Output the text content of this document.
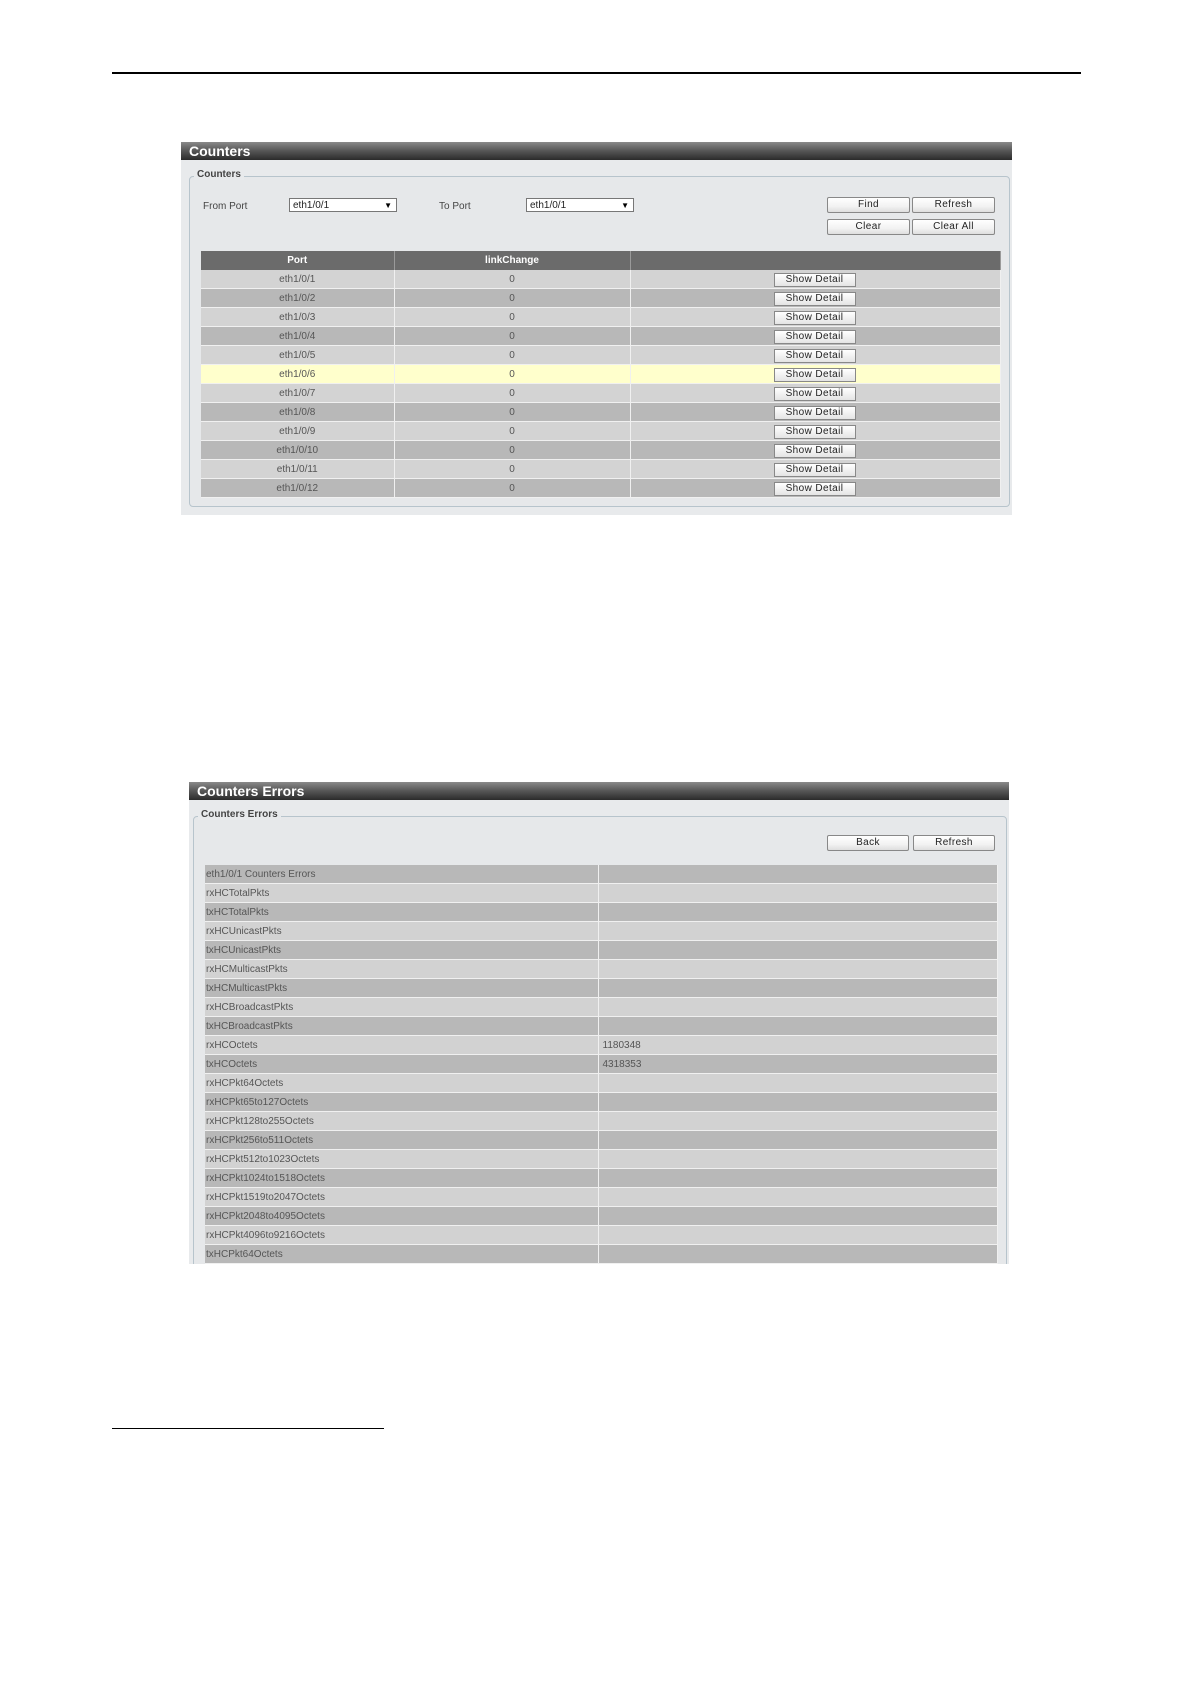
Counters
Counters
From Port	eth1/0/1	▼	To Port	eth1/0/1	▼	Find	Refresh
Clear	Clear All
Port	linkChange	
eth1/0/1	0	Show Detail

eth1/0/2	0	Show Detail

eth1/0/3	0	Show Detail

eth1/0/4	0	Show Detail

eth1/0/5	0	Show Detail

eth1/0/6	0	Show Detail

eth1/0/7	0	Show Detail

eth1/0/8	0	Show Detail

eth1/0/9	0	Show Detail

eth1/0/10	0	Show Detail

eth1/0/11	0	Show Detail

eth1/0/12	0	Show Detail
Counters Errors
Counters Errors
Back	Refresh
eth1/0/1 Counters Errors	
rxHCTotalPkts	
txHCTotalPkts	
rxHCUnicastPkts	
txHCUnicastPkts	
rxHCMulticastPkts	
txHCMulticastPkts	
rxHCBroadcastPkts	
txHCBroadcastPkts	
rxHCOctets	1180348
txHCOctets	4318353
rxHCPkt64Octets	
rxHCPkt65to127Octets	
rxHCPkt128to255Octets	
rxHCPkt256to511Octets	
rxHCPkt512to1023Octets	
rxHCPkt1024to1518Octets	
rxHCPkt1519to2047Octets	
rxHCPkt2048to4095Octets	
rxHCPkt4096to9216Octets	
txHCPkt64Octets	
